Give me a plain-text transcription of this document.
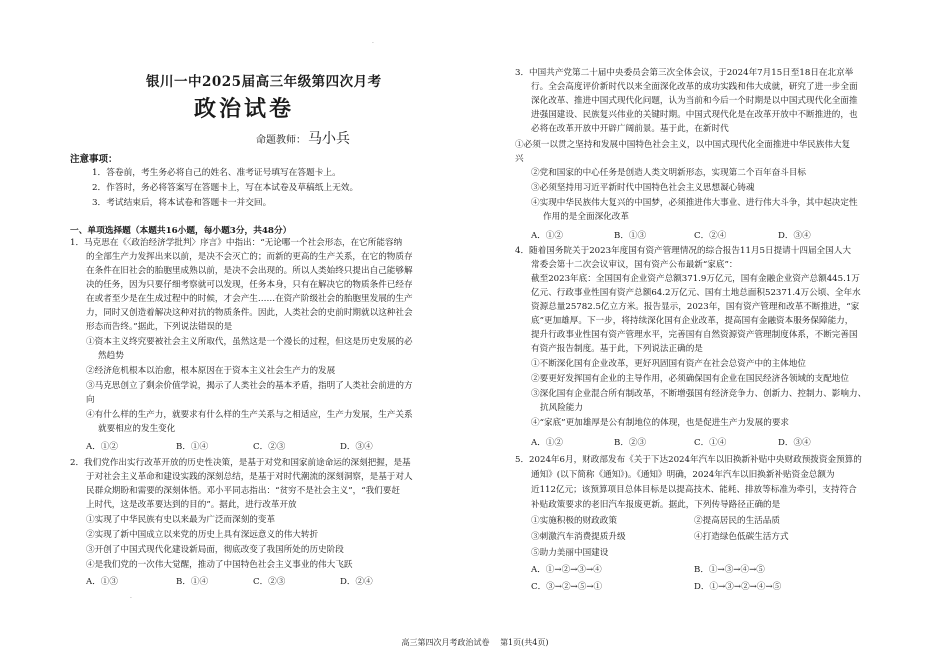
·
·
银川一中2025届高三年级第四次月考
政治试卷
命题教师： 马小兵
注意事项：
1．答卷前，考生务必将自己的姓名、准考证号填写在答题卡上。
2．作答时，务必将答案写在答题卡上，写在本试卷及草稿纸上无效。
3．考试结束后，将本试卷和答题卡一并交回。
一、单项选择题（本题共16小题，每小题3分，共48分）
1．马克思在《〈政治经济学批判〉序言》中指出：“无论哪一个社会形态，在它所能容纳
的全部生产力发挥出来以前，是决不会灭亡的；而新的更高的生产关系，在它的物质存
在条件在旧社会的胎胞里成熟以前，是决不会出现的。所以人类始终只提出自己能够解
决的任务，因为只要仔细考察就可以发现，任务本身，只有在解决它的物质条件已经存
在或者至少是在生成过程中的时候，才会产生……在资产阶级社会的胎胞里发展的生产
力，同时又创造着解决这种对抗的物质条件。因此，人类社会的史前时期就以这种社会
形态而告终。”据此，下列说法错误的是
①资本主义终究要被社会主义所取代，虽然这是一个漫长的过程，但这是历史发展的必
然趋势
②经济危机根本以治愈，根本原因在于资本主义社会生产力的发展
③马克思创立了剩余价值学说，揭示了人类社会的基本矛盾，指明了人类社会前进的方
向
④有什么样的生产力，就要求有什么样的生产关系与之相适应，生产力发展，生产关系
就要相应的发生变化
A．①②	B．①④	C．②③	D．③④
2．我们党作出实行改革开放的历史性决策，是基于对党和国家前途命运的深刻把握，是基
于对社会主义革命和建设实践的深刻总结，是基于对时代潮流的深刻洞察，是基于对人
民群众期盼和需要的深刻体悟。邓小平同志指出：“贫穷不是社会主义”，“我们要赶
上时代，这是改革要达到的目的”。据此，进行改革开放
①实现了中华民族有史以来最为广泛而深刻的变革
②实现了新中国成立以来党的历史上具有深远意义的伟大转折
③开创了中国式现代化建设新局面，彻底改变了我国所处的历史阶段
④是我们党的一次伟大觉醒，推动了中国特色社会主义事业的伟大飞跃
A．①③	B．①④	C．②③	D．②④
3．中国共产党第二十届中央委员会第三次全体会议，于2024年7月15日至18日在北京举
行。全会高度评价新时代以来全面深化改革的成功实践和伟大成就，研究了进一步全面
深化改革、推进中国式现代化问题，认为当前和今后一个时期是以中国式现代化全面推
进强国建设、民族复兴伟业的关键时期。中国式现代化是在改革开放中不断推进的，也
必将在改革开放中开辟广阔前景。基于此，在新时代
①必须一以贯之坚持和发展中国特色社会主义，以中国式现代化全面推进中华民族伟大复
兴
②党和国家的中心任务是创造人类文明新形态，实现第二个百年奋斗目标
③必须坚持用习近平新时代中国特色社会主义思想凝心铸魂
④实现中华民族伟大复兴的中国梦，必须推进伟大事业、进行伟大斗争，其中起决定性
作用的是全面深化改革
A．①②	B．①③	C．②④	D．③④
4．随着国务院关于2023年度国有资产管理情况的综合报告11月5日提请十四届全国人大
常委会第十二次会议审议，国有资产公布最新“家底”：
截至2023年底：全国国有企业资产总额371.9万亿元，国有金融企业资产总额445.1万
亿元、行政事业性国有资产总额64.2万亿元、国有土地总面积52371.4万公顷、全年水
资源总量25782.5亿立方米。报告显示，2023年，国有资产管理和改革不断推进，“家
底”更加雄厚。下一步，将持续深化国有企业改革，提高国有金融资本服务保障能力，
提升行政事业性国有资产管理水平，完善国有自然资源资产管理制度体系，不断完善国
有资产报告制度。基于此，下列说法正确的是
①不断深化国有企业改革，更好巩固国有资产在社会总资产中的主体地位
②要更好发挥国有企业的主导作用，必须确保国有企业在国民经济各领域的支配地位
③深化国有企业混合所有制改革，不断增强国有经济竞争力、创新力、控制力、影响力、
抗风险能力
④“家底”更加雄厚是公有制地位的体现，也是促进生产力发展的要求
A．①②	B．②③	C．①④	D．③④
5．2024年6月，财政部发布《关于下达2024年汽车以旧换新补贴中央财政预拨资金预算的
通知》(以下简称《通知》)。《通知》明确，2024年汽车以旧换新补贴资金总额为
近112亿元；该预算项目总体目标是以提高技术、能耗、排放等标准为牵引，支持符合
补贴政策要求的老旧汽车报废更新。据此，下列传导路径正确的是
①实施积极的财政政策	②提高居民的生活品质
③刺激汽车消费提质升级	④打造绿色低碳生活方式
⑤助力美丽中国建设
A．①→②→③→④	B．①→③→④→⑤
C．③→②→⑤→①	D．①→③→②→④→⑤
高三第四次月考政治试卷 第1页(共4页)
